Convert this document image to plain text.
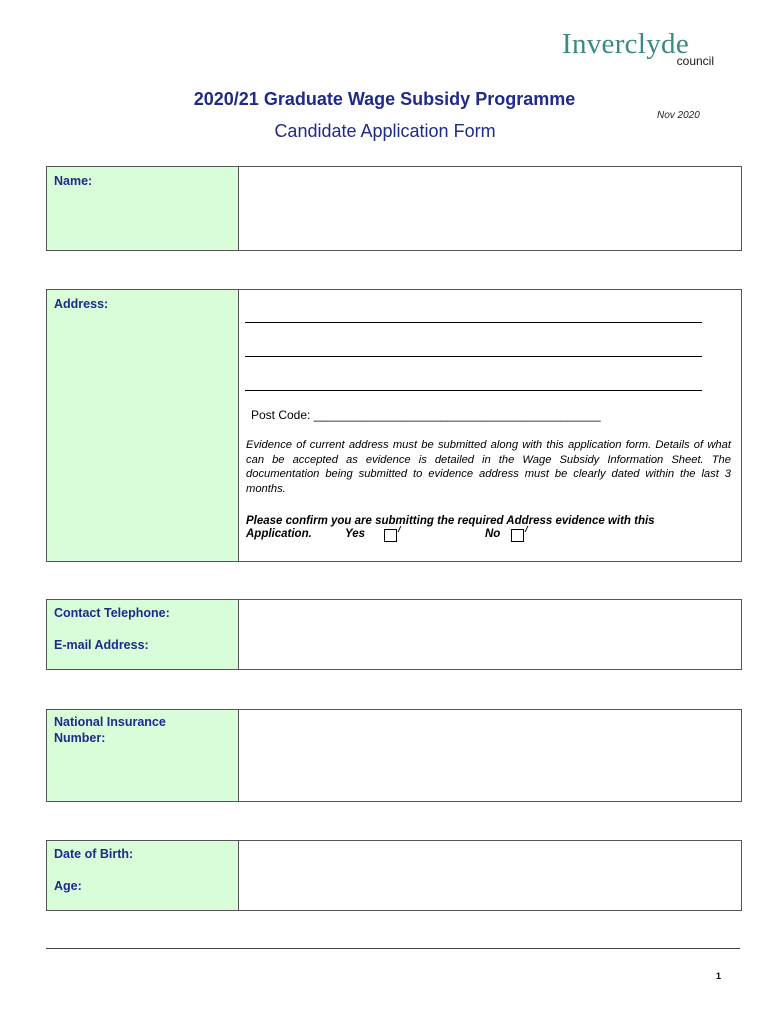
Inverclyde
council
2020/21 Graduate Wage Subsidy Programme
Candidate Application Form
Nov 2020
Name:
Address:
Post Code: ___________________________________________
Evidence of current address must be submitted along with this application form. Details of what can be accepted as evidence is detailed in the Wage Subsidy Information Sheet. The documentation being submitted to evidence address must be clearly dated within the last 3 months.
Please confirm you are submitting the required Address evidence with this
Application.	Yes	No
Contact Telephone:
E-mail Address:
National Insurance Number:
Date of Birth:
Age:
1
